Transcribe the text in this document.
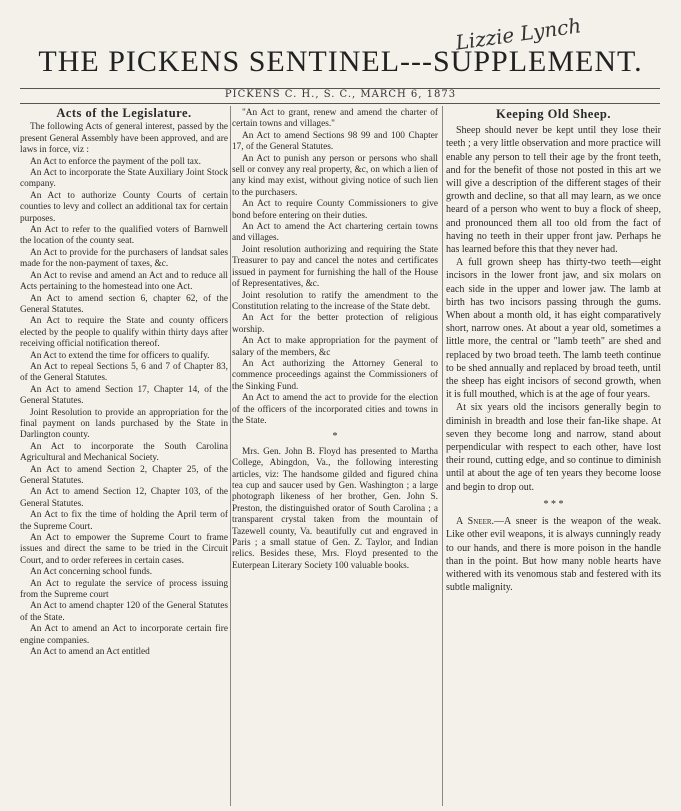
Lizzie Lynch
THE PICKENS SENTINEL---SUPPLEMENT.
PICKENS C. H., S. C., MARCH 6, 1873
Acts of the Legislature.

The following Acts of general interest, passed by the present General Assembly have been approved, and are laws in force, viz :

An Act to enforce the payment of the poll tax.

An Act to incorporate the State Auxiliary Joint Stock company.

An Act to authorize County Courts of certain counties to levy and collect an additional tax for certain purposes.

An Act to refer to the qualified voters of Barnwell the location of the county seat.

An Act to provide for the purchasers of landsat sales made for the non-payment of taxes, &c.

An Act to revise and amend an Act and to reduce all Acts pertaining to the homestead into one Act.

An Act to amend section 6, chapter 62, of the General Statutes.

An Act to require the State and county officers elected by the people to qualify within thirty days after receiving official notification thereof.

An Act to extend the time for officers to qualify.

An Act to repeal Sections 5, 6 and 7 of Chapter 83, of the General Statutes.

An Act to amend Section 17, Chapter 14, of the General Statutes.

Joint Resolution to provide an appropriation for the final payment on lands purchased by the State in Darlington county.

An Act to incorporate the South Carolina Agricultural and Mechanical Society.

An Act to amend Section 2, Chapter 25, of the General Statutes.

An Act to amend Section 12, Chapter 103, of the General Statutes.

An Act to fix the time of holding the April term of the Supreme Court.

An Act to empower the Supreme Court to frame issues and direct the same to be tried in the Circuit Court, and to order referees in certain cases.

An Act concerning school funds.

An Act to regulate the service of process issuing from the Supreme court

An Act to amend chapter 120 of the General Statutes of the State.

An Act to amend an Act to incorporate certain fire engine companies.

An Act to amend an Act entitled

"An Act to grant, renew and amend the charter of certain towns and villages."

An Act to amend Sections 98 99 and 100 Chapter 17, of the General Statutes.

An Act to punish any person or persons who shall sell or convey any real property, &c, on which a lien of any kind may exist, without giving notice of such lien to the purchasers.

An Act to require County Commissioners to give bond before entering on their duties.

An Act to amend the Act chartering certain towns and villages.

Joint resolution authorizing and requiring the State Treasurer to pay and cancel the notes and certificates issued in payment for furnishing the hall of the House of Representatives, &c.

Joint resolution to ratify the amendment to the Constitution relating to the increase of the State debt.

An Act for the better protection of religious worship.

An Act to make appropriation for the payment of salary of the members, &c

An Act authorizing the Attorney General to commence proceedings against the Commissioners of the Sinking Fund.

An Act to amend the act to provide for the election of the officers of the incorporated cities and towns in the State.

*

Mrs. Gen. John B. Floyd has presented to Martha College, Abingdon, Va., the following interesting articles, viz: The handsome gilded and figured china tea cup and saucer used by Gen. Washington ; a large photograph likeness of her brother, Gen. John S. Preston, the distinguished orator of South Carolina ; a transparent crystal taken from the mountain of Tazewell county, Va. beautifully cut and engraved in Paris ; a small statue of Gen. Z. Taylor, and Indian relics. Besides these, Mrs. Floyd presented to the Euterpean Literary Society 100 valuable books.

Keeping Old Sheep.

Sheep should never be kept until they lose their teeth ; a very little observation and more practice will enable any person to tell their age by the front teeth, and for the benefit of those not posted in this art we will give a description of the different stages of their growth and decline, so that all may learn, as we once heard of a person who went to buy a flock of sheep, and pronounced them all too old from the fact of having no teeth in their upper front jaw. Perhaps he has learned before this that they never had.

A full grown sheep has thirty-two teeth—eight incisors in the lower front jaw, and six molars on each side in the upper and lower jaw. The lamb at birth has two incisors passing through the gums. When about a month old, it has eight comparatively short, narrow ones. At about a year old, sometimes a little more, the central or "lamb teeth" are shed and replaced by two broad teeth. The lamb teeth continue to be shed annually and replaced by broad teeth, until the sheep has eight incisors of second growth, when it is full mouthed, which is at the age of four years.

At six years old the incisors generally begin to diminish in breadth and lose their fan-like shape. At seven they become long and narrow, stand about perpendicular with respect to each other, have lost their round, cutting edge, and so continue to diminish until at about the age of ten years they become loose and begin to drop out.

* * *

A Sneer.—A sneer is the weapon of the weak. Like other evil weapons, it is always cunningly ready to our hands, and there is more poison in the handle than in the point. But how many noble hearts have withered with its venomous stab and festered with its subtle malignity.
